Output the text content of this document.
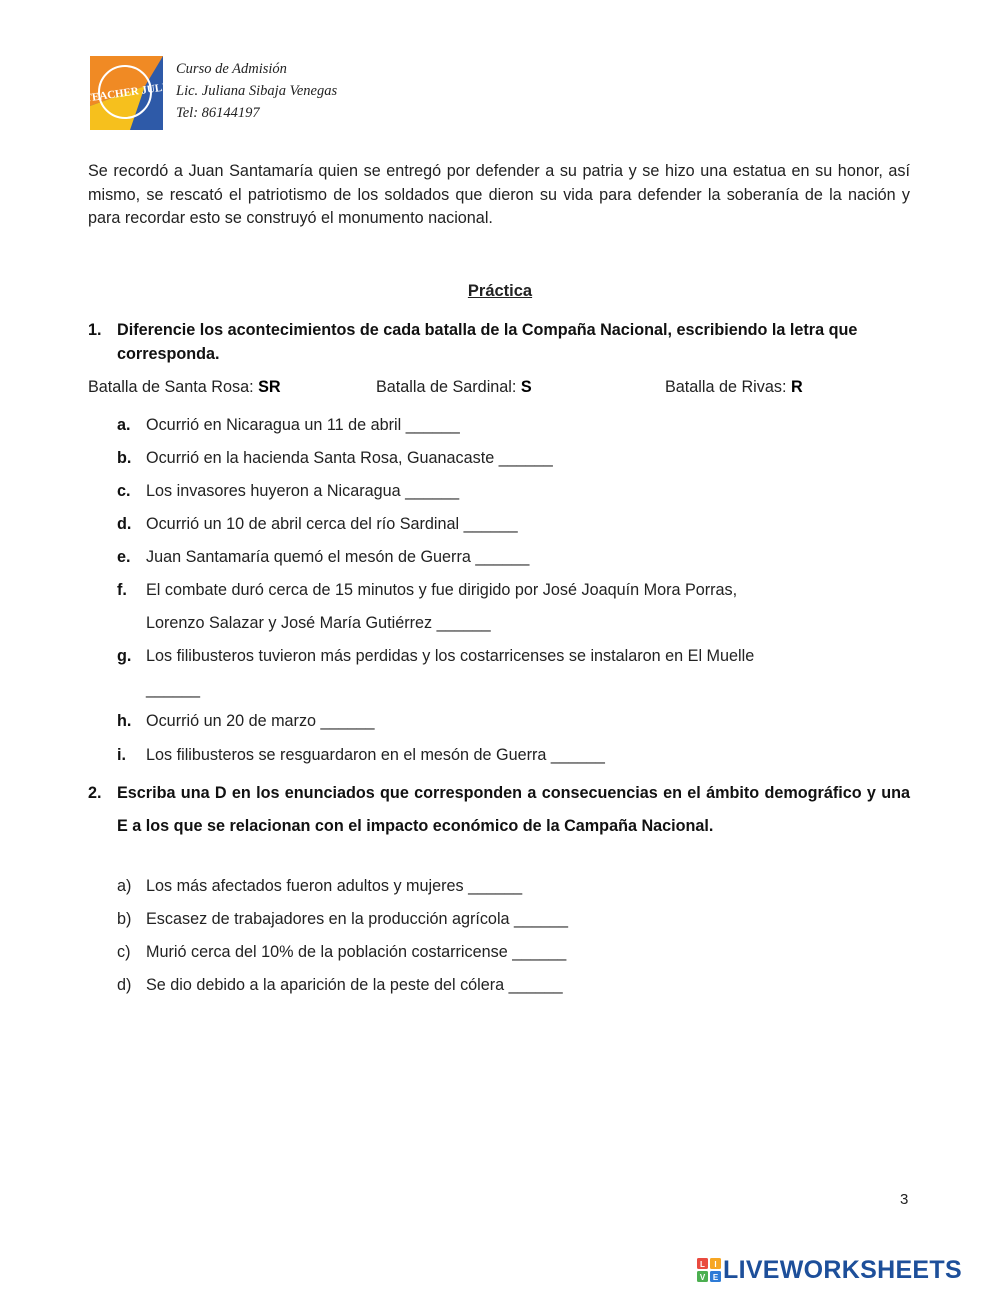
TEACHER JULI
Curso de Admisión
Lic. Juliana Sibaja Venegas
Tel: 86144197
Se recordó a Juan Santamaría quien se entregó por defender a su patria y se hizo una estatua en su honor, así mismo, se rescató el patriotismo de los soldados que dieron su vida para defender la soberanía de la nación y para recordar esto se construyó el monumento nacional.
Práctica
1. Diferencie los acontecimientos de cada batalla de la Compaña Nacional, escribiendo la letra que corresponda.
Batalla de Santa Rosa: SR	Batalla de Sardinal: S	Batalla de Rivas: R
a. Ocurrió en Nicaragua un 11 de abril ______
b. Ocurrió en la hacienda Santa Rosa, Guanacaste ______
c. Los invasores huyeron a Nicaragua ______
d. Ocurrió un 10 de abril cerca del río Sardinal ______
e. Juan Santamaría quemó el mesón de Guerra ______
f. El combate duró cerca de 15 minutos y fue dirigido por José Joaquín Mora Porras,
Lorenzo Salazar y José María Gutiérrez ______
g. Los filibusteros tuvieron más perdidas y los costarricenses se instalaron en El Muelle
______
h. Ocurrió un 20 de marzo ______
i. Los filibusteros se resguardaron en el mesón de Guerra ______
2. Escriba una D en los enunciados que corresponden a consecuencias en el ámbito demográfico y una E a los que se relacionan con el impacto económico de la Campaña Nacional.
a) Los más afectados fueron adultos y mujeres ______
b) Escasez de trabajadores en la producción agrícola ______
c) Murió cerca del 10% de la población costarricense ______
d) Se dio debido a la aparición de la peste del cólera ______
3
L I
V E LIVEWORKSHEETS
